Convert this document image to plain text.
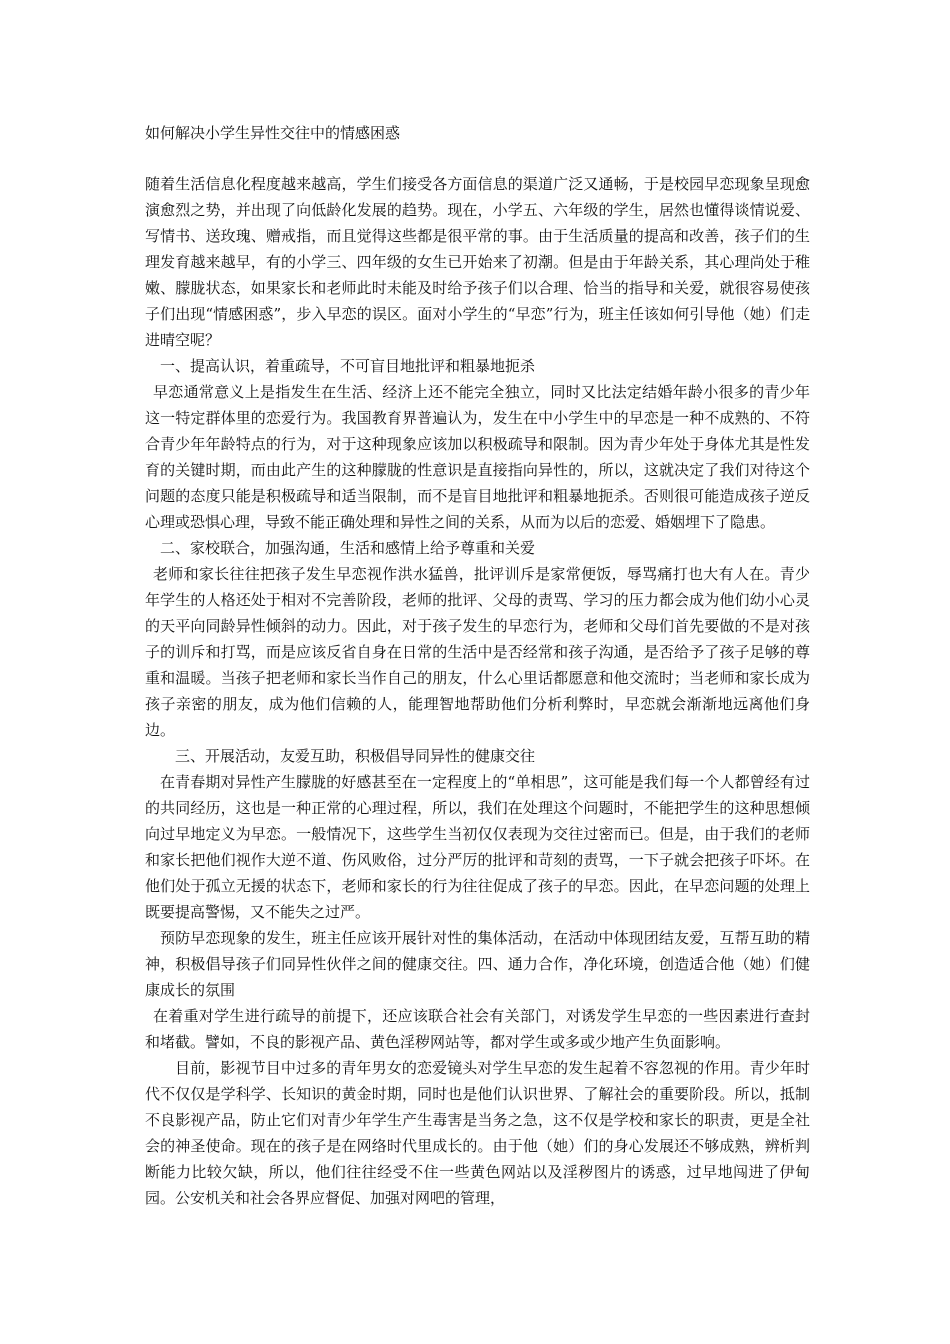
如何解决小学生异性交往中的情感困惑

随着生活信息化程度越来越高，学生们接受各方面信息的渠道广泛又通畅，于是校园早恋现象呈现愈演愈烈之势，并出现了向低龄化发展的趋势。现在，小学五、六年级的学生，居然也懂得谈情说爱、写情书、送玫瑰、赠戒指，而且觉得这些都是很平常的事。由于生活质量的提高和改善，孩子们的生理发育越来越早，有的小学三、四年级的女生已开始来了初潮。但是由于年龄关系，其心理尚处于稚嫩、朦胧状态，如果家长和老师此时未能及时给予孩子们以合理、恰当的指导和关爱，就很容易使孩子们出现“情感困惑”，步入早恋的误区。面对小学生的“早恋”行为，班主任该如何引导他（她）们走进晴空呢？

一、提高认识，着重疏导，不可盲目地批评和粗暴地扼杀

早恋通常意义上是指发生在生活、经济上还不能完全独立，同时又比法定结婚年龄小很多的青少年这一特定群体里的恋爱行为。我国教育界普遍认为，发生在中小学生中的早恋是一种不成熟的、不符合青少年年龄特点的行为，对于这种现象应该加以积极疏导和限制。因为青少年处于身体尤其是性发育的关键时期，而由此产生的这种朦胧的性意识是直接指向异性的，所以，这就决定了我们对待这个问题的态度只能是积极疏导和适当限制，而不是盲目地批评和粗暴地扼杀。否则很可能造成孩子逆反心理或恐惧心理，导致不能正确处理和异性之间的关系，从而为以后的恋爱、婚姻埋下了隐患。

二、家校联合，加强沟通，生活和感情上给予尊重和关爱

老师和家长往往把孩子发生早恋视作洪水猛兽，批评训斥是家常便饭，辱骂痛打也大有人在。青少年学生的人格还处于相对不完善阶段，老师的批评、父母的责骂、学习的压力都会成为他们幼小心灵的天平向同龄异性倾斜的动力。因此，对于孩子发生的早恋行为，老师和父母们首先要做的不是对孩子的训斥和打骂，而是应该反省自身在日常的生活中是否经常和孩子沟通，是否给予了孩子足够的尊重和温暖。当孩子把老师和家长当作自己的朋友，什么心里话都愿意和他交流时；当老师和家长成为孩子亲密的朋友，成为他们信赖的人，能理智地帮助他们分析利弊时，早恋就会渐渐地远离他们身边。

三、开展活动，友爱互助，积极倡导同异性的健康交往

在青春期对异性产生朦胧的好感甚至在一定程度上的“单相思”，这可能是我们每一个人都曾经有过的共同经历，这也是一种正常的心理过程，所以，我们在处理这个问题时，不能把学生的这种思想倾向过早地定义为早恋。一般情况下，这些学生当初仅仅表现为交往过密而已。但是，由于我们的老师和家长把他们视作大逆不道、伤风败俗，过分严厉的批评和苛刻的责骂，一下子就会把孩子吓坏。在他们处于孤立无援的状态下，老师和家长的行为往往促成了孩子的早恋。因此，在早恋问题的处理上既要提高警惕，又不能失之过严。

预防早恋现象的发生，班主任应该开展针对性的集体活动，在活动中体现团结友爱，互帮互助的精神，积极倡导孩子们同异性伙伴之间的健康交往。四、通力合作，净化环境，创造适合他（她）们健康成长的氛围

在着重对学生进行疏导的前提下，还应该联合社会有关部门，对诱发学生早恋的一些因素进行查封和堵截。譬如，不良的影视产品、黄色淫秽网站等，都对学生或多或少地产生负面影响。

目前，影视节目中过多的青年男女的恋爱镜头对学生早恋的发生起着不容忽视的作用。青少年时代不仅仅是学科学、长知识的黄金时期，同时也是他们认识世界、了解社会的重要阶段。所以，抵制不良影视产品，防止它们对青少年学生产生毒害是当务之急，这不仅是学校和家长的职责，更是全社会的神圣使命。现在的孩子是在网络时代里成长的。由于他（她）们的身心发展还不够成熟，辨析判断能力比较欠缺，所以，他们往往经受不住一些黄色网站以及淫秽图片的诱惑，过早地闯进了伊甸园。公安机关和社会各界应督促、加强对网吧的管理，
